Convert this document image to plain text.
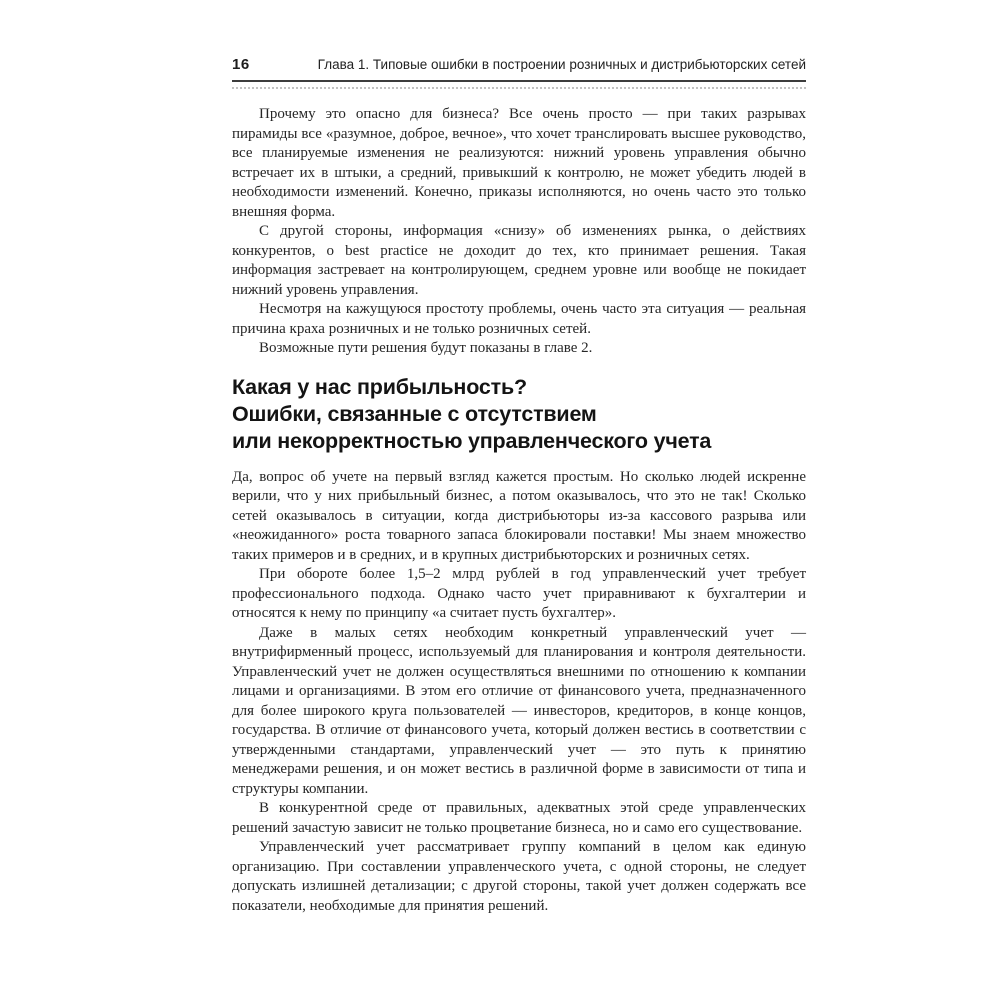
16	Глава 1. Типовые ошибки в построении розничных и дистрибьюторских сетей

Прочему это опасно для бизнеса? Все очень просто — при таких разрывах пирамиды все «разумное, доброе, вечное», что хочет транслировать высшее руководство, все планируемые изменения не реализуются: нижний уровень управления обычно встречает их в штыки, а средний, привыкший к контролю, не может убедить людей в необходимости изменений. Конечно, приказы исполняются, но очень часто это только внешняя форма.

С другой стороны, информация «снизу» об изменениях рынка, о действиях конкурентов, о best practice не доходит до тех, кто принимает решения. Такая информация застревает на контролирующем, среднем уровне или вообще не покидает нижний уровень управления.

Несмотря на кажущуюся простоту проблемы, очень часто эта ситуация — реальная причина краха розничных и не только розничных сетей.

Возможные пути решения будут показаны в главе 2.

Какая у нас прибыльность?
Ошибки, связанные с отсутствием
или некорректностью управленческого учета

Да, вопрос об учете на первый взгляд кажется простым. Но сколько людей искренне верили, что у них прибыльный бизнес, а потом оказывалось, что это не так! Сколько сетей оказывалось в ситуации, когда дистрибьюторы из-за кассового разрыва или «неожиданного» роста товарного запаса блокировали поставки! Мы знаем множество таких примеров и в средних, и в крупных дистрибьюторских и розничных сетях.

При обороте более 1,5–2 млрд рублей в год управленческий учет требует профессионального подхода. Однако часто учет приравнивают к бухгалтерии и относятся к нему по принципу «а считает пусть бухгалтер».

Даже в малых сетях необходим конкретный управленческий учет — внутрифирменный процесс, используемый для планирования и контроля деятельности. Управленческий учет не должен осуществляться внешними по отношению к компании лицами и организациями. В этом его отличие от финансового учета, предназначенного для более широкого круга пользователей — инвесторов, кредиторов, в конце концов, государства. В отличие от финансового учета, который должен вестись в соответствии с утвержденными стандартами, управленческий учет — это путь к принятию менеджерами решения, и он может вестись в различной форме в зависимости от типа и структуры компании.

В конкурентной среде от правильных, адекватных этой среде управленческих решений зачастую зависит не только процветание бизнеса, но и само его существование.

Управленческий учет рассматривает группу компаний в целом как единую организацию. При составлении управленческого учета, с одной стороны, не следует допускать излишней детализации; с другой стороны, такой учет должен содержать все показатели, необходимые для принятия решений.
